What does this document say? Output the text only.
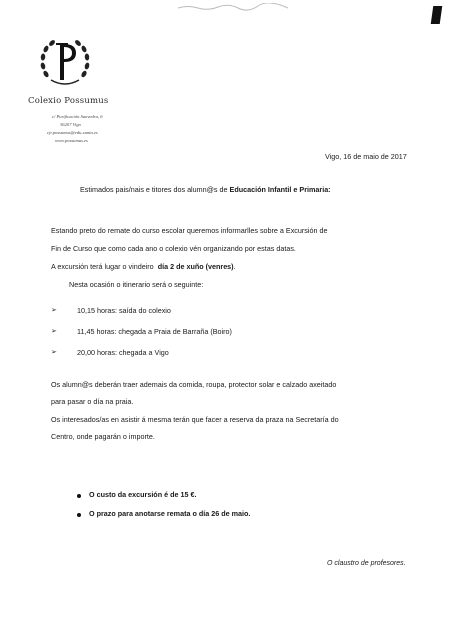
Colexio Possumus
c/ Purificación Saavedra, 6
36207 Vigo
cjr.possumus@edu.xunta.es
www.possumus.es
Vigo, 16 de maio de 2017
Estimados pais/nais e titores dos alumn@s de Educación Infantil e Primaria:
Estando preto do remate do curso escolar queremos informarlles sobre a Excursión de
Fin de Curso que como cada ano o colexio vén organizando por estas datas.
A excursión terá lugar o vindeiro  día 2 de xuño (venres).
Nesta ocasión o itinerario será o seguinte:
➢	10,15 horas: saída do colexio
➢	11,45 horas: chegada a Praia de Barraña (Boiro)
➢	20,00 horas: chegada a Vigo
Os alumn@s deberán traer ademais da comida, roupa, protector solar e calzado axeitado
para pasar o día na praia.
Os interesados/as en asistir á mesma terán que facer a reserva da praza na Secretaría do
Centro, onde pagarán o importe.
O custo da excursión é de 15 €.
O prazo para anotarse remata o día 26 de maio.
O claustro de profesores.
